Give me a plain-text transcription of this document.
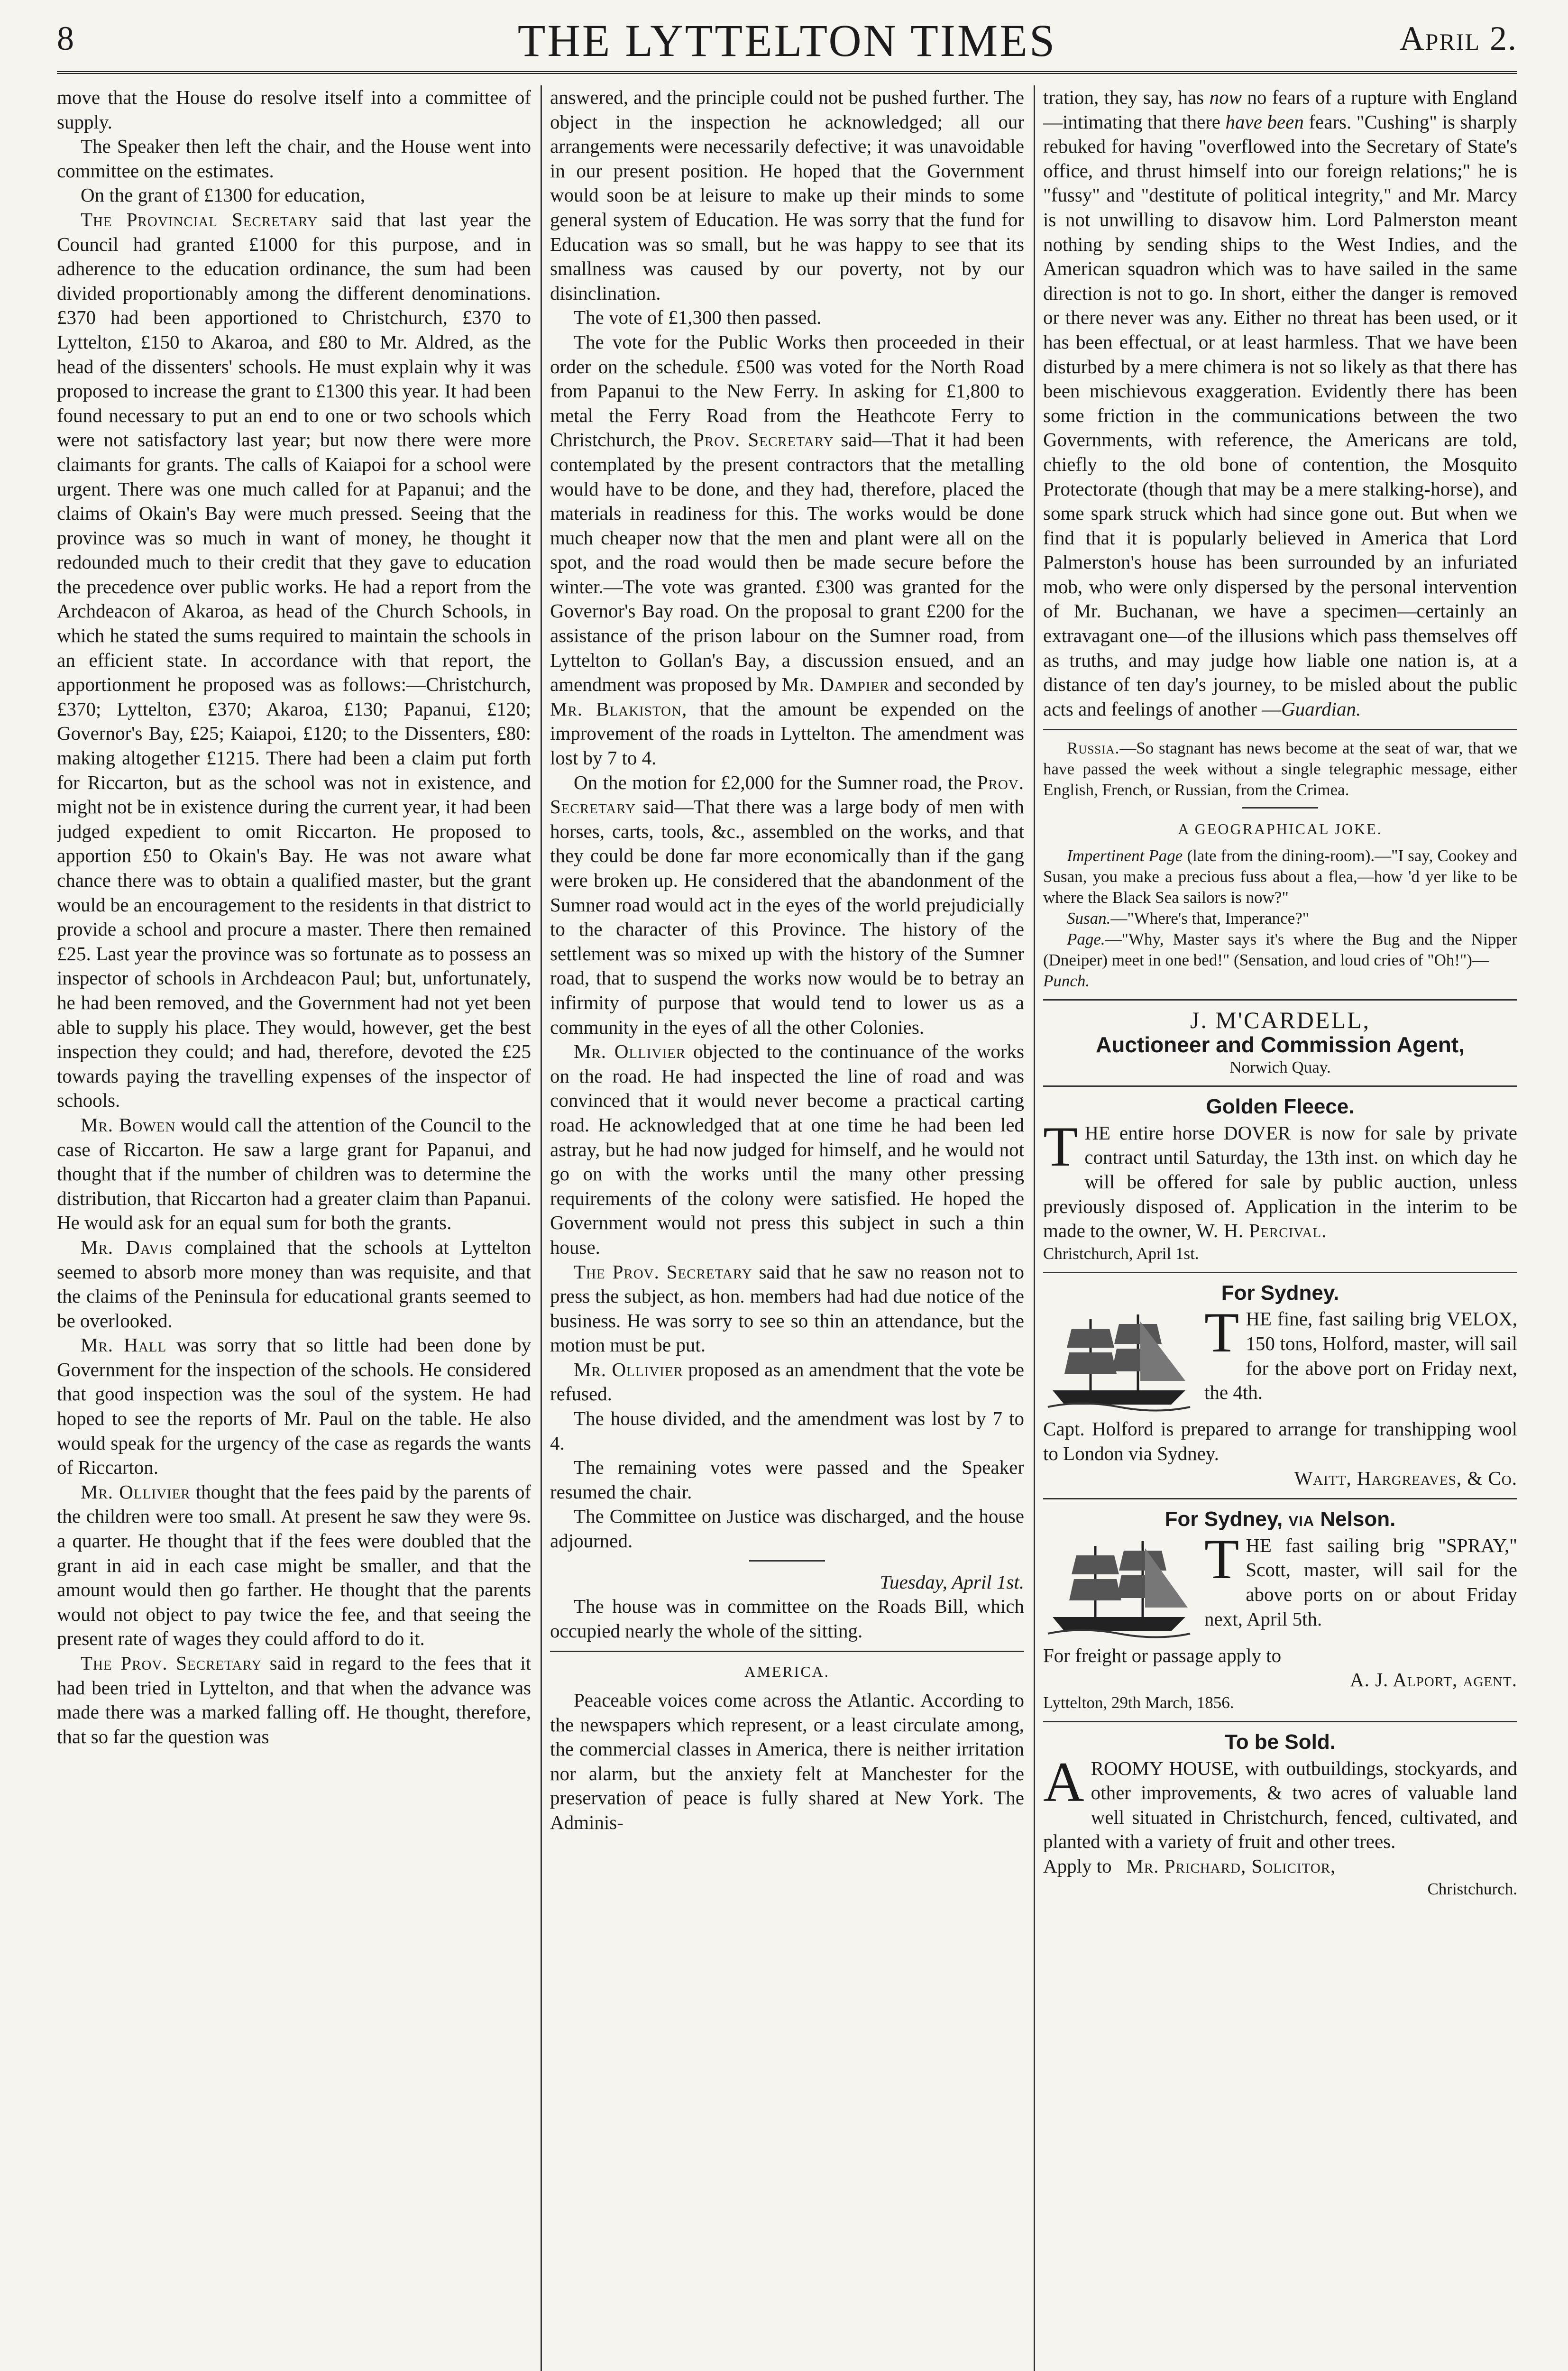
8	THE LYTTELTON TIMES	April 2.

move that the House do resolve itself into a committee of supply.

The Speaker then left the chair, and the House went into committee on the estimates.

On the grant of £1300 for education,

The Provincial Secretary said that last year the Council had granted £1000 for this purpose, and in adherence to the education ordinance, the sum had been divided proportionably among the different denominations. £370 had been apportioned to Christchurch, £370 to Lyttelton, £150 to Akaroa, and £80 to Mr. Aldred, as the head of the dissenters' schools. He must explain why it was proposed to increase the grant to £1300 this year. It had been found necessary to put an end to one or two schools which were not satisfactory last year; but now there were more claimants for grants. The calls of Kaiapoi for a school were urgent. There was one much called for at Papanui; and the claims of Okain's Bay were much pressed. Seeing that the province was so much in want of money, he thought it redounded much to their credit that they gave to education the precedence over public works. He had a report from the Archdeacon of Akaroa, as head of the Church Schools, in which he stated the sums required to maintain the schools in an efficient state. In accordance with that report, the apportionment he proposed was as follows:—Christchurch, £370; Lyttelton, £370; Akaroa, £130; Papanui, £120; Governor's Bay, £25; Kaiapoi, £120; to the Dissenters, £80: making altogether £1215. There had been a claim put forth for Riccarton, but as the school was not in existence, and might not be in existence during the current year, it had been judged expedient to omit Riccarton. He proposed to apportion £50 to Okain's Bay. He was not aware what chance there was to obtain a qualified master, but the grant would be an encouragement to the residents in that district to provide a school and procure a master. There then remained £25. Last year the province was so fortunate as to possess an inspector of schools in Archdeacon Paul; but, unfortunately, he had been removed, and the Government had not yet been able to supply his place. They would, however, get the best inspection they could; and had, therefore, devoted the £25 towards paying the travelling expenses of the inspector of schools.

Mr. Bowen would call the attention of the Council to the case of Riccarton. He saw a large grant for Papanui, and thought that if the number of children was to determine the distribution, that Riccarton had a greater claim than Papanui. He would ask for an equal sum for both the grants.

Mr. Davis complained that the schools at Lyttelton seemed to absorb more money than was requisite, and that the claims of the Peninsula for educational grants seemed to be overlooked.

Mr. Hall was sorry that so little had been done by Government for the inspection of the schools. He considered that good inspection was the soul of the system. He had hoped to see the reports of Mr. Paul on the table. He also would speak for the urgency of the case as regards the wants of Riccarton.

Mr. Ollivier thought that the fees paid by the parents of the children were too small. At present he saw they were 9s. a quarter. He thought that if the fees were doubled that the grant in aid in each case might be smaller, and that the amount would then go farther. He thought that the parents would not object to pay twice the fee, and that seeing the present rate of wages they could afford to do it.

The Prov. Secretary said in regard to the fees that it had been tried in Lyttelton, and that when the advance was made there was a marked falling off. He thought, therefore, that so far the question was

answered, and the principle could not be pushed further. The object in the inspection he acknowledged; all our arrangements were necessarily defective; it was unavoidable in our present position. He hoped that the Government would soon be at leisure to make up their minds to some general system of Education. He was sorry that the fund for Education was so small, but he was happy to see that its smallness was caused by our poverty, not by our disinclination.

The vote of £1,300 then passed.

The vote for the Public Works then proceeded in their order on the schedule. £500 was voted for the North Road from Papanui to the New Ferry. In asking for £1,800 to metal the Ferry Road from the Heathcote Ferry to Christchurch, the Prov. Secretary said—That it had been contemplated by the present contractors that the metalling would have to be done, and they had, therefore, placed the materials in readiness for this. The works would be done much cheaper now that the men and plant were all on the spot, and the road would then be made secure before the winter.—The vote was granted. £300 was granted for the Governor's Bay road. On the proposal to grant £200 for the assistance of the prison labour on the Sumner road, from Lyttelton to Gollan's Bay, a discussion ensued, and an amendment was proposed by Mr. Dampier and seconded by Mr. Blakiston, that the amount be expended on the improvement of the roads in Lyttelton. The amendment was lost by 7 to 4.

On the motion for £2,000 for the Sumner road, the Prov. Secretary said—That there was a large body of men with horses, carts, tools, &c., assembled on the works, and that they could be done far more economically than if the gang were broken up. He considered that the abandonment of the Sumner road would act in the eyes of the world prejudicially to the character of this Province. The history of the settlement was so mixed up with the history of the Sumner road, that to suspend the works now would be to betray an infirmity of purpose that would tend to lower us as a community in the eyes of all the other Colonies.

Mr. Ollivier objected to the continuance of the works on the road. He had inspected the line of road and was convinced that it would never become a practical carting road. He acknowledged that at one time he had been led astray, but he had now judged for himself, and he would not go on with the works until the many other pressing requirements of the colony were satisfied. He hoped the Government would not press this subject in such a thin house.

The Prov. Secretary said that he saw no reason not to press the subject, as hon. members had had due notice of the business. He was sorry to see so thin an attendance, but the motion must be put.

Mr. Ollivier proposed as an amendment that the vote be refused.

The house divided, and the amendment was lost by 7 to 4.

The remaining votes were passed and the Speaker resumed the chair.

The Committee on Justice was discharged, and the house adjourned.

Tuesday, April 1st.

The house was in committee on the Roads Bill, which occupied nearly the whole of the sitting.

AMERICA.

Peaceable voices come across the Atlantic. According to the newspapers which represent, or a least circulate among, the commercial classes in America, there is neither irritation nor alarm, but the anxiety felt at Manchester for the preservation of peace is fully shared at New York. The Adminis-

tration, they say, has now no fears of a rupture with England—intimating that there have been fears. "Cushing" is sharply rebuked for having "overflowed into the Secretary of State's office, and thrust himself into our foreign relations;" he is "fussy" and "destitute of political integrity," and Mr. Marcy is not unwilling to disavow him. Lord Palmerston meant nothing by sending ships to the West Indies, and the American squadron which was to have sailed in the same direction is not to go. In short, either the danger is removed or there never was any. Either no threat has been used, or it has been effectual, or at least harmless. That we have been disturbed by a mere chimera is not so likely as that there has been mischievous exaggeration. Evidently there has been some friction in the communications between the two Governments, with reference, the Americans are told, chiefly to the old bone of contention, the Mosquito Protectorate (though that may be a mere stalking-horse), and some spark struck which had since gone out. But when we find that it is popularly believed in America that Lord Palmerston's house has been surrounded by an infuriated mob, who were only dispersed by the personal intervention of Mr. Buchanan, we have a specimen—certainly an extravagant one—of the illusions which pass themselves off as truths, and may judge how liable one nation is, at a distance of ten day's journey, to be misled about the public acts and feelings of another —Guardian.

Russia.—So stagnant has news become at the seat of war, that we have passed the week without a single telegraphic message, either English, French, or Russian, from the Crimea.

A GEOGRAPHICAL JOKE.

Impertinent Page (late from the dining-room).—"I say, Cookey and Susan, you make a precious fuss about a flea,—how 'd yer like to be where the Black Sea sailors is now?"

Susan.—"Where's that, Imperance?"

Page.—"Why, Master says it's where the Bug and the Nipper (Dneiper) meet in one bed!" (Sensation, and loud cries of "Oh!")—

Punch.

J. M'CARDELL,
Auctioneer and Commission Agent,
Norwich Quay.
Golden Fleece.

THE entire horse DOVER is now for sale by private contract until Saturday, the 13th inst. on which day he will be offered for sale by public auction, unless previously disposed of. Application in the interim to be made to the owner, W. H. Percival.

Christchurch, April 1st.

For Sydney.

THE fine, fast sailing brig VELOX, 150 tons, Holford, master, will sail for the above port on Friday next, the 4th.

Capt. Holford is prepared to arrange for transhipping wool to London via Sydney.

Waitt, Hargreaves, & Co.

For Sydney, via Nelson.

THE fast sailing brig "SPRAY," Scott, master, will sail for the above ports on or about Friday next, April 5th.

For freight or passage apply to

A. J. Alport, agent.

Lyttelton, 29th March, 1856.

To be Sold.

AROOMY HOUSE, with outbuildings, stockyards, and other improvements, & two acres of valuable land well situated in Christchurch, fenced, cultivated, and planted with a variety of fruit and other trees.

Apply to Mr. Prichard, Solicitor,

Christchurch.
